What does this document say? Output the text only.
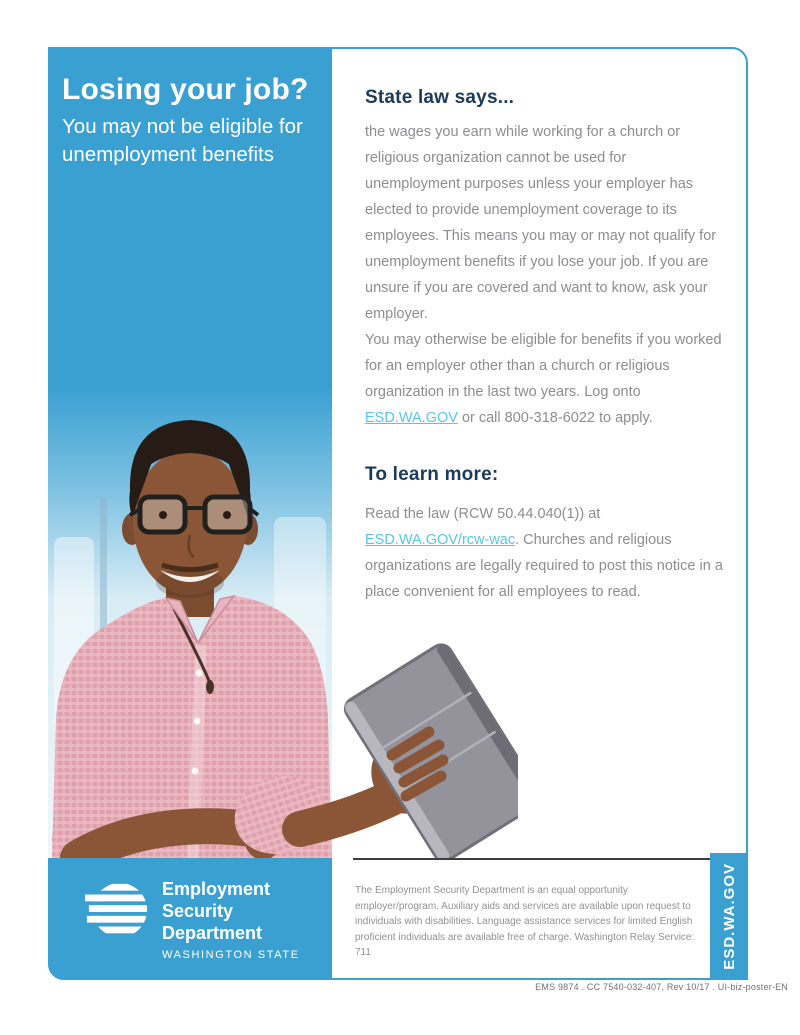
Losing your job?
You may not be eligible for unemployment benefits
Employment
Security
Department
WASHINGTON STATE
State law says...

the wages you earn while working for a church or religious organization cannot be used for unemployment purposes unless your employer has elected to provide unemployment coverage to its employees. This means you may or may not qualify for unemployment benefits if you lose your job. If you are unsure if you are covered and want to know, ask your employer.

You may otherwise be eligible for benefits if you worked for an employer other than a church or religious organization in the last two years. Log onto ESD.WA.GOV or call 800-318-6022 to apply.

To learn more:

Read the law (RCW 50.44.040(1)) at ESD.WA.GOV/rcw-wac. Churches and religious organizations are legally required to post this notice in a place convenient for all employees to read.

The Employment Security Department is an equal opportunity employer/program. Auxiliary aids and services are available upon request to individuals with disabilities. Language assistance services for limited English proficient individuals are available free of charge. Washington Relay Service: 711	ESD.WA.GOV
EMS 9874 . CC 7540-032-407, Rev 10/17 . UI-biz-poster-EN
